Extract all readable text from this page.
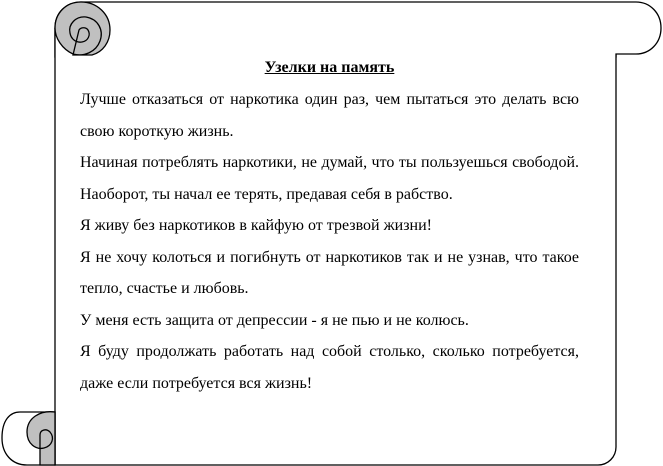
Узелки на память

Лучше отказаться от наркотика один раз, чем пытаться это делать всю свою короткую жизнь.

Начиная потреблять наркотики, не думай, что ты пользуешься свободой. Наоборот, ты начал ее терять, предавая себя в рабство.

Я живу без наркотиков в кайфую от трезвой жизни!

Я не хочу колоться и погибнуть от наркотиков так и не узнав, что такое тепло, счастье и любовь.

У меня есть защита от депрессии - я не пью и не колюсь.

Я буду продолжать работать над собой столько, сколько потребуется, даже если потребуется вся жизнь!
